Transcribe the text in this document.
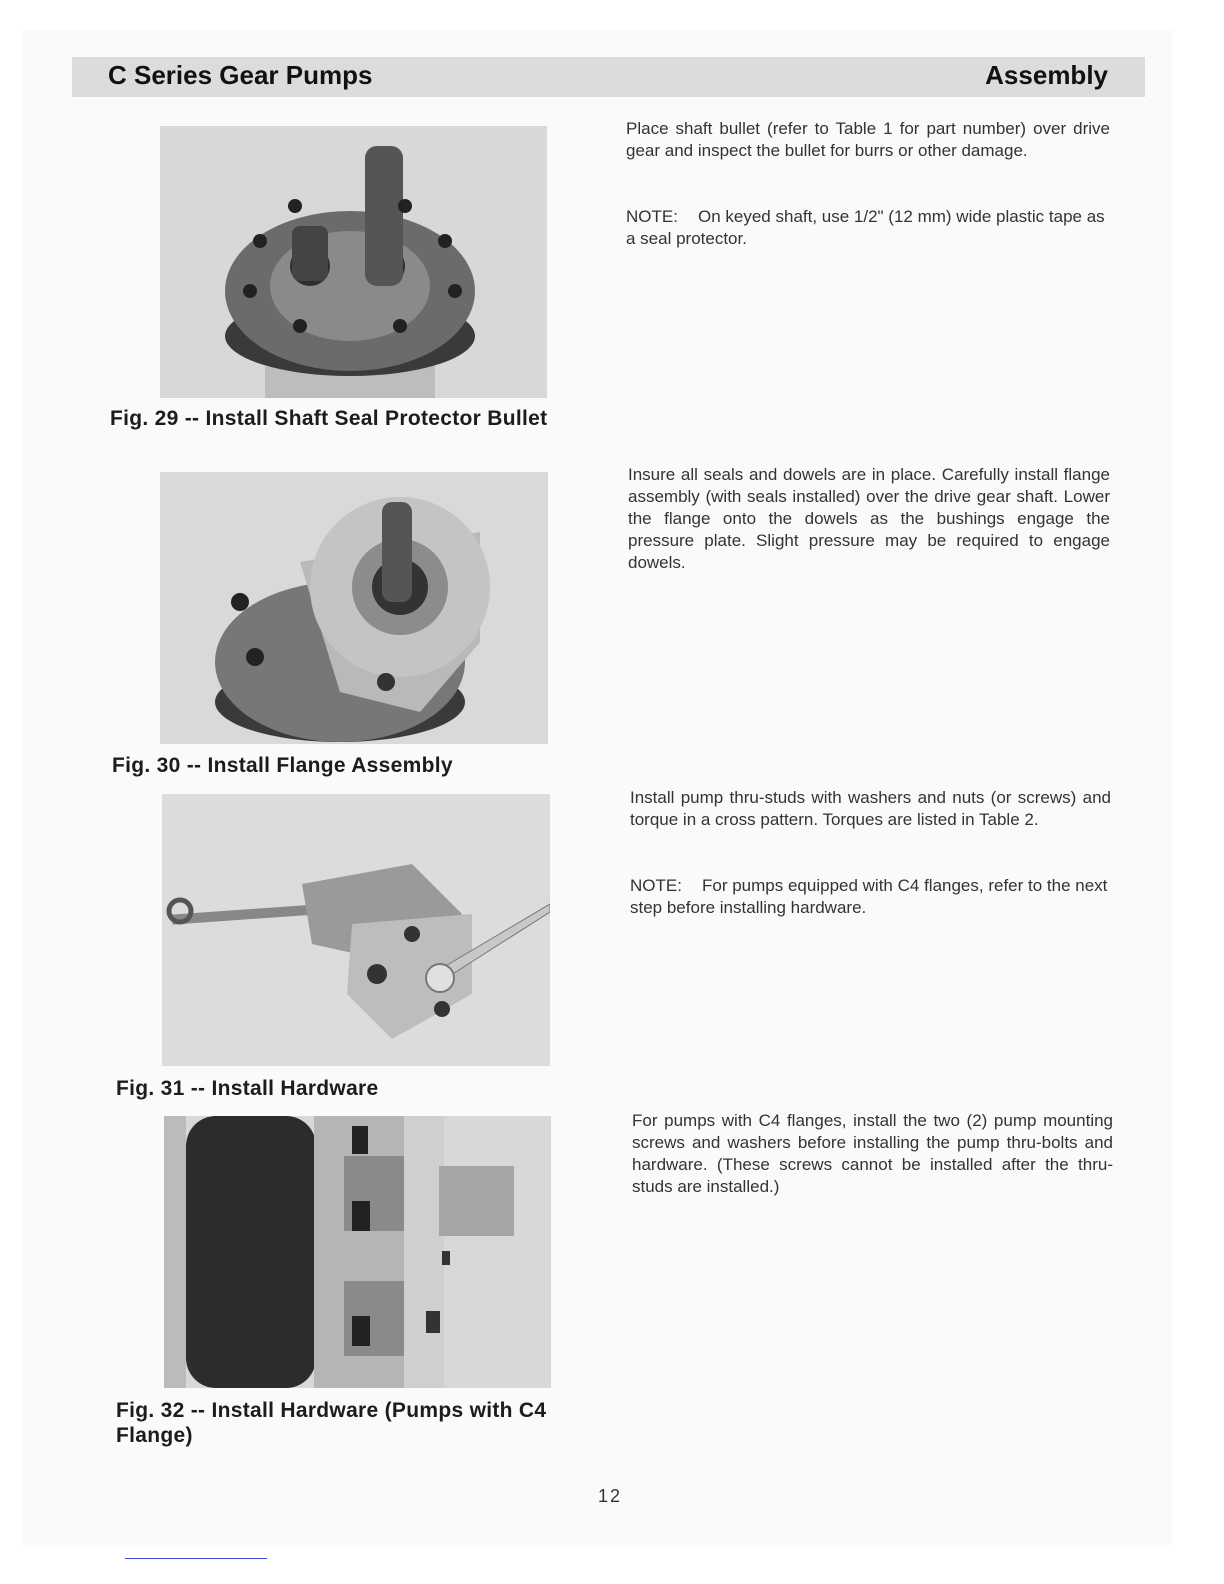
C Series Gear Pumps	Assembly
Fig. 29 -- Install Shaft Seal Protector Bullet
Place shaft bullet (refer to Table 1 for part number) over drive gear and inspect the bullet for burrs or other damage.
NOTE: On keyed shaft, use 1/2" (12 mm) wide plastic tape as a seal protector.
Fig. 30 -- Install Flange Assembly
Insure all seals and dowels are in place. Carefully install flange assembly (with seals installed) over the drive gear shaft. Lower the flange onto the dowels as the bushings engage the pressure plate. Slight pressure may be required to engage dowels.
Fig. 31 -- Install Hardware
Install pump thru-studs with washers and nuts (or screws) and torque in a cross pattern. Torques are listed in Table 2.
NOTE: For pumps equipped with C4 flanges, refer to the next step before installing hardware.
Fig. 32 -- Install Hardware (Pumps with C4 Flange)
For pumps with C4 flanges, install the two (2) pump mounting screws and washers before installing the pump thru-bolts and hardware. (These screws cannot be installed after the thru-studs are installed.)
12
